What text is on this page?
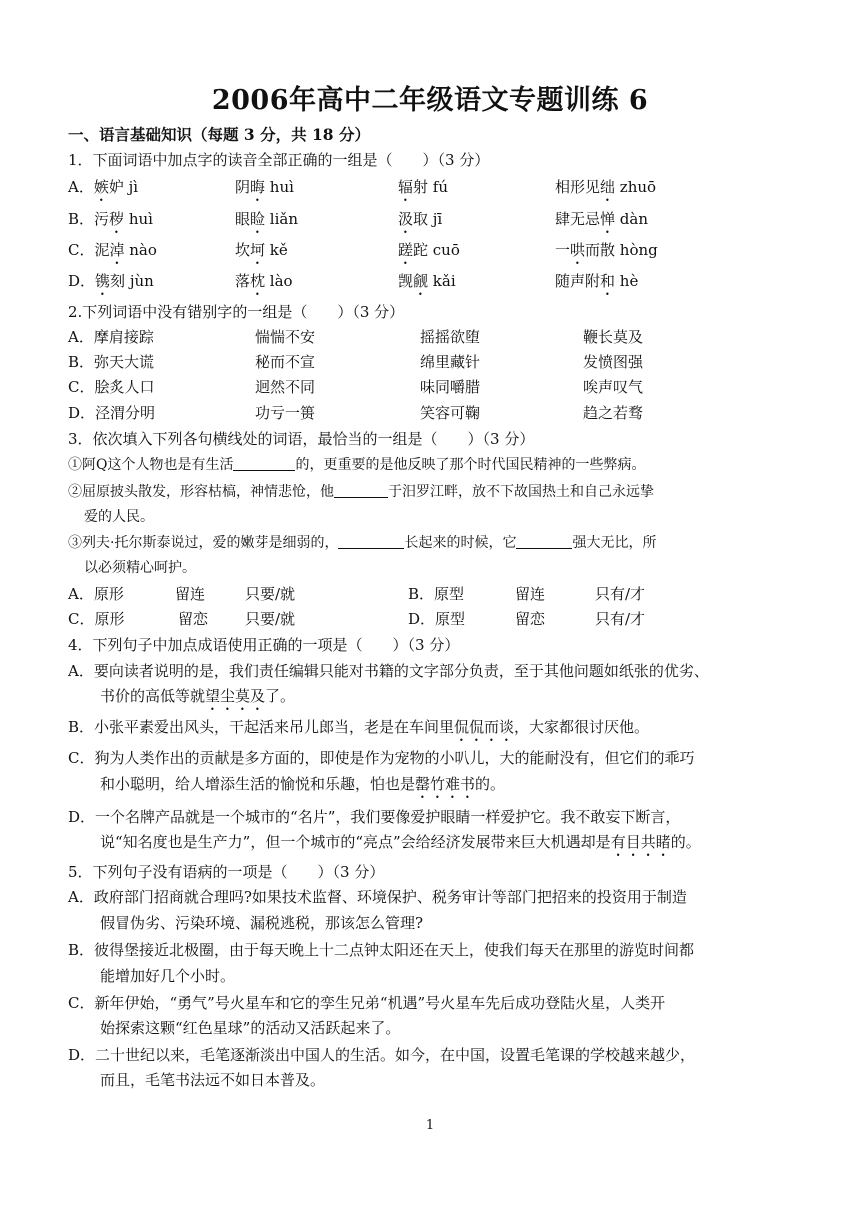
2006年高中二年级语文专题训练 6
一、语言基础知识（每题 3 分，共 18 分）
1．下面词语中加点字的读音全部正确的一组是（　　）（3 分）
A．嫉妒 jì	阴晦 huì	辐射 fú	相形见绌 zhuō
B．污秽 huì	眼睑 liǎn	汲取 jī	肆无忌惮 dàn
C．泥淖 nào	坎坷 kě	蹉跎 cuō	一哄而散 hòng
D．镌刻 jùn	落枕 lào	觊觎 kǎi	随声附和 hè
2.下列词语中没有错别字的一组是（　　）（3 分）
A．摩肩接踪	惴惴不安	摇摇欲堕	鞭长莫及
B．弥天大谎	秘而不宣	绵里藏针	发愤图强
C．脍炙人口	迥然不同	味同嚼腊	唉声叹气
D．泾渭分明	功亏一篑	笑容可鞠	趋之若骛
3．依次填入下列各句横线处的词语，最恰当的一组是（　　）（3 分）
①阿Q这个人物也是有生活	的，更重要的是他反映了那个时代国民精神的一些弊病。
②屈原披头散发，形容枯槁，神情悲怆，他	于汨罗江畔，放不下故国热土和自己永远挚
爱的人民。
③列夫·托尔斯泰说过，爱的嫩芽是细弱的，	长起来的时候，它	强大无比，所
以必须精心呵护。
A．原形	留连	只要/就	B．原型	留连	只有/才
C．原形	留恋 只要/就	D．原型	留恋	只有/才
4．下列句子中加点成语使用正确的一项是（　　）（3 分）
A．要向读者说明的是，我们责任编辑只能对书籍的文字部分负责，至于其他问题如纸张的优劣、
书价的高低等就望尘莫及了。
B．小张平素爱出风头，干起活来吊儿郎当，老是在车间里侃侃而谈，大家都很讨厌他。
C．狗为人类作出的贡献是多方面的，即使是作为宠物的小叭儿，大的能耐没有，但它们的乖巧
和小聪明，给人增添生活的愉悦和乐趣，怕也是罄竹难书的。
D．一个名牌产品就是一个城市的“名片”，我们要像爱护眼睛一样爱护它。我不敢妄下断言，
说“知名度也是生产力”，但一个城市的“亮点”会给经济发展带来巨大机遇却是有目共睹的。
5．下列句子没有语病的一项是（　　）（3 分）
A．政府部门招商就合理吗?如果技术监督、环境保护、税务审计等部门把招来的投资用于制造
假冒伪劣、污染环境、漏税逃税，那该怎么管理?
B．彼得堡接近北极圈，由于每天晚上十二点钟太阳还在天上，使我们每天在那里的游览时间都
能增加好几个小时。
C．新年伊始，“勇气”号火星车和它的孪生兄弟“机遇”号火星车先后成功登陆火星，人类开
始探索这颗“红色星球”的活动又活跃起来了。
D．二十世纪以来，毛笔逐渐淡出中国人的生活。如今，在中国，设置毛笔课的学校越来越少，
而且，毛笔书法远不如日本普及。
1
